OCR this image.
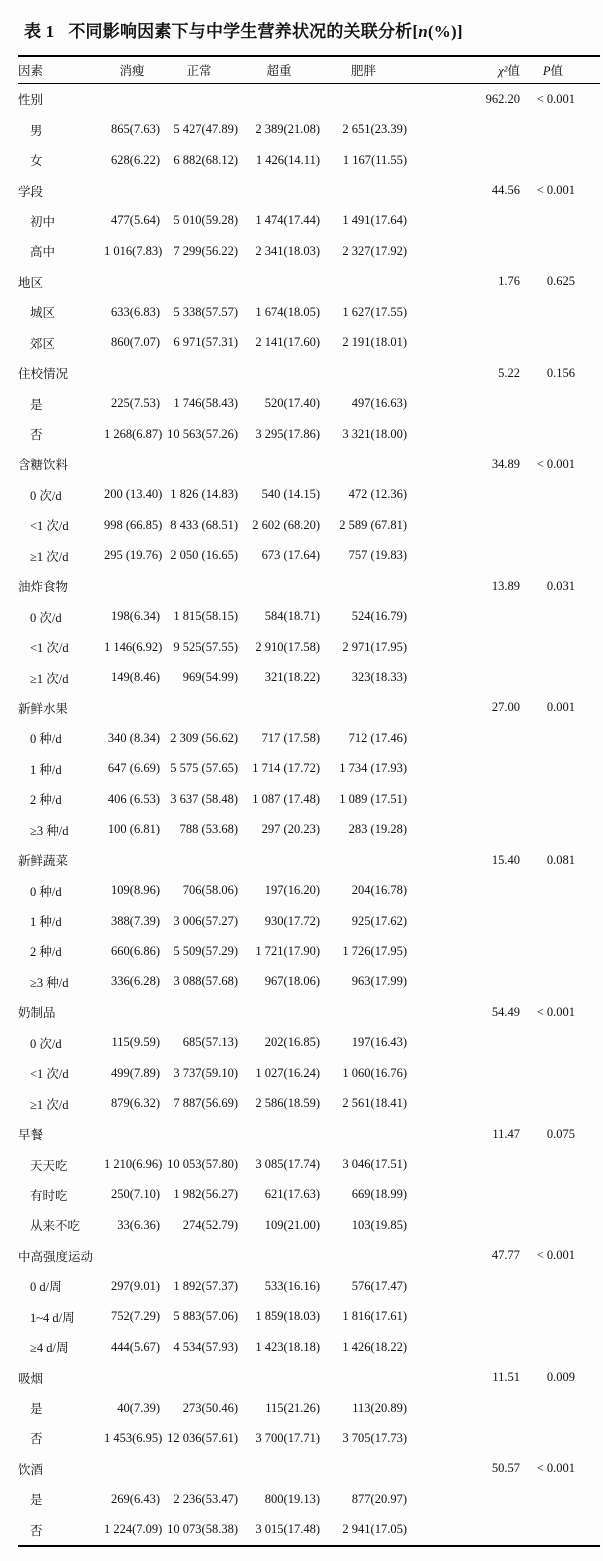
表 1 不同影响因素下与中学生营养状况的关联分析[n(%)]
因素	消瘦	正常	超重	肥胖	χ²值	P值
性别					962.20	< 0.001
男	865(7.63)	5 427(47.89)	2 389(21.08)	2 651(23.39)		
女	628(6.22)	6 882(68.12)	1 426(14.11)	1 167(11.55)		
学段					44.56	< 0.001
初中	477(5.64)	5 010(59.28)	1 474(17.44)	1 491(17.64)		
高中	1 016(7.83)	7 299(56.22)	2 341(18.03)	2 327(17.92)		
地区					1.76	0.625
城区	633(6.83)	5 338(57.57)	1 674(18.05)	1 627(17.55)		
郊区	860(7.07)	6 971(57.31)	2 141(17.60)	2 191(18.01)		
住校情况					5.22	0.156
是	225(7.53)	1 746(58.43)	520(17.40)	497(16.63)		
否	1 268(6.87)	10 563(57.26)	3 295(17.86)	3 321(18.00)		
含糖饮料					34.89	< 0.001
0 次/d	200 (13.40)	1 826 (14.83)	540 (14.15)	472 (12.36)		
<1 次/d	998 (66.85)	8 433 (68.51)	2 602 (68.20)	2 589 (67.81)		
≥1 次/d	295 (19.76)	2 050 (16.65)	673 (17.64)	757 (19.83)		
油炸食物					13.89	0.031
0 次/d	198(6.34)	1 815(58.15)	584(18.71)	524(16.79)		
<1 次/d	1 146(6.92)	9 525(57.55)	2 910(17.58)	2 971(17.95)		
≥1 次/d	149(8.46)	969(54.99)	321(18.22)	323(18.33)		
新鲜水果					27.00	0.001
0 种/d	340 (8.34)	2 309 (56.62)	717 (17.58)	712 (17.46)		
1 种/d	647 (6.69)	5 575 (57.65)	1 714 (17.72)	1 734 (17.93)		
2 种/d	406 (6.53)	3 637 (58.48)	1 087 (17.48)	1 089 (17.51)		
≥3 种/d	100 (6.81)	788 (53.68)	297 (20.23)	283 (19.28)		
新鲜蔬菜					15.40	0.081
0 种/d	109(8.96)	706(58.06)	197(16.20)	204(16.78)		
1 种/d	388(7.39)	3 006(57.27)	930(17.72)	925(17.62)		
2 种/d	660(6.86)	5 509(57.29)	1 721(17.90)	1 726(17.95)		
≥3 种/d	336(6.28)	3 088(57.68)	967(18.06)	963(17.99)		
奶制品					54.49	< 0.001
0 次/d	115(9.59)	685(57.13)	202(16.85)	197(16.43)		
<1 次/d	499(7.89)	3 737(59.10)	1 027(16.24)	1 060(16.76)		
≥1 次/d	879(6.32)	7 887(56.69)	2 586(18.59)	2 561(18.41)		
早餐					11.47	0.075
天天吃	1 210(6.96)	10 053(57.80)	3 085(17.74)	3 046(17.51)		
有时吃	250(7.10)	1 982(56.27)	621(17.63)	669(18.99)		
从来不吃	33(6.36)	274(52.79)	109(21.00)	103(19.85)		
中高强度运动					47.77	< 0.001
0 d/周	297(9.01)	1 892(57.37)	533(16.16)	576(17.47)		
1~4 d/周	752(7.29)	5 883(57.06)	1 859(18.03)	1 816(17.61)		
≥4 d/周	444(5.67)	4 534(57.93)	1 423(18.18)	1 426(18.22)		
吸烟					11.51	0.009
是	40(7.39)	273(50.46)	115(21.26)	113(20.89)		
否	1 453(6.95)	12 036(57.61)	3 700(17.71)	3 705(17.73)		
饮酒					50.57	< 0.001
是	269(6.43)	2 236(53.47)	800(19.13)	877(20.97)		
否	1 224(7.09)	10 073(58.38)	3 015(17.48)	2 941(17.05)		
